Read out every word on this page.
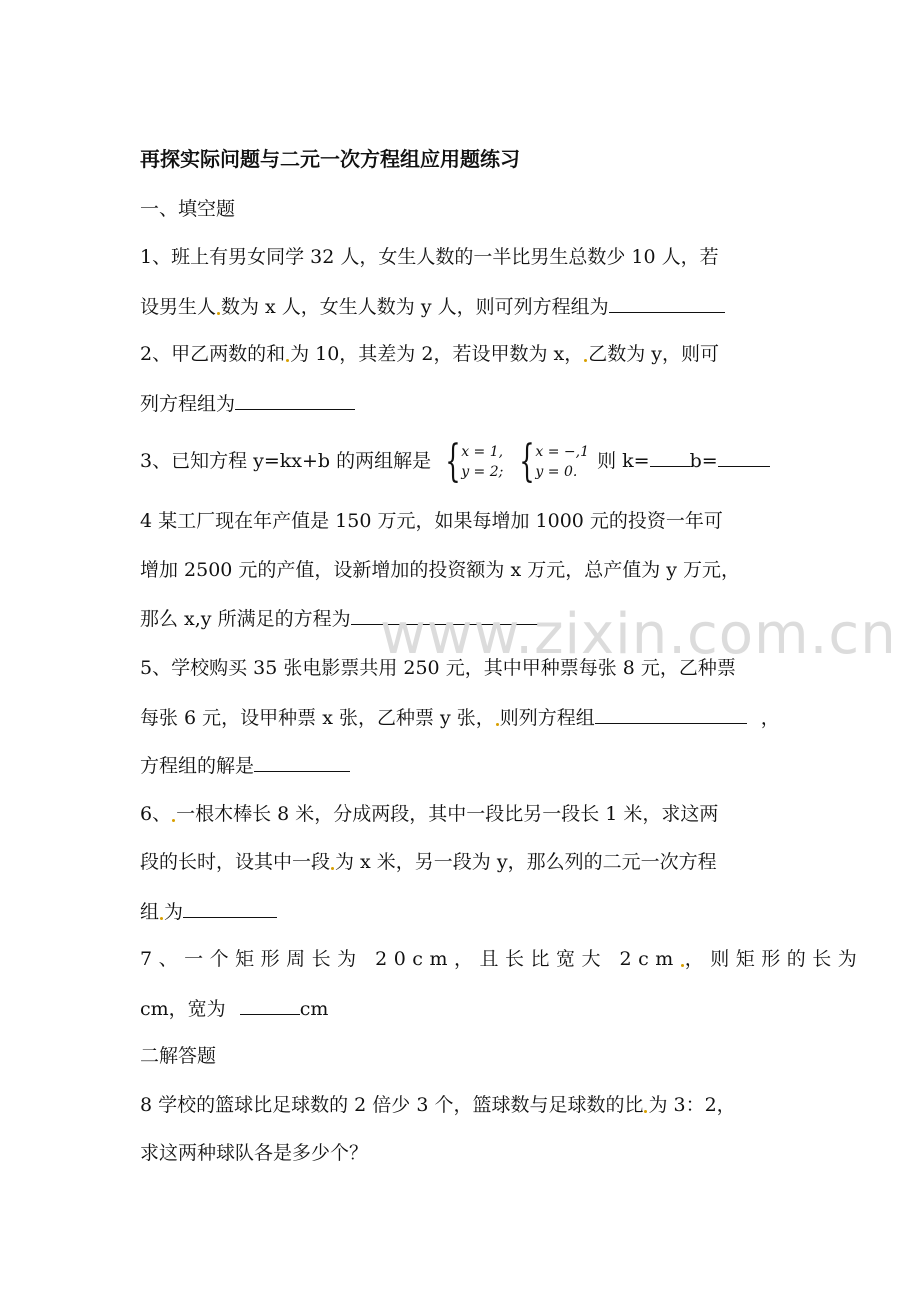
再探实际问题与二元一次方程组应用题练习
一、填空题
1、班上有男女同学 32 人，女生人数的一半比男生总数少 10 人，若
设男生人 数为 x 人，女生人数为 y 人，则可列方程组为
2、甲乙两数的和 为 10，其差为 2，若设甲数为 x， 乙数为 y，则可
列方程组为
3、已知方程 y=kx+b 的两组解是 { x = 1,
y = 2;
{ x = −,1
y = 0.	则 k= b=
4 某工厂现在年产值是 150 万元，如果每增加 1000 元的投资一年可
增加 2500 元的产值，设新增加的投资额为 x 万元，总产值为 y 万元，
那么 x,y 所满足的方程为
5、学校购买 35 张电影票共用 250 元，其中甲种票每张 8 元，乙种票
每张 6 元，设甲种票 x 张，乙种票 y 张， 则列方程组	，
方程组的解是
6、 一根木棒长 8 米，分成两段，其中一段比另一段长 1 米，求这两
段的长时，设其中一段 为 x 米，另一段为 y，那么列的二元一次方程
组 为
7、一个矩形周长为 20cm，且长比宽大 2cm ，则矩形的长为
cm，宽为	cm
二解答题
8 学校的篮球比足球数的 2 倍少 3 个，篮球数与足球数的比 为 3：2，
求这两种球队各是多少个？
www.zixin.com.cn
